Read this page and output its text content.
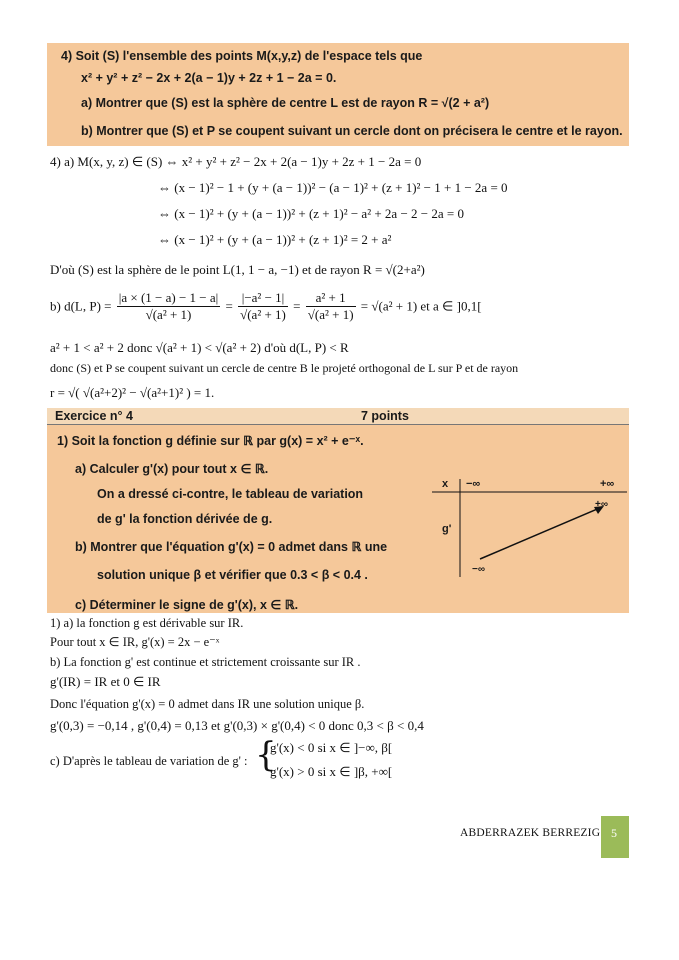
4) Soit (S) l'ensemble des points M(x,y,z) de l'espace tels que
x² + y² + z² − 2x + 2(a − 1)y + 2z + 1 − 2a = 0.
a) Montrer que (S) est la sphère de centre L est de rayon R = √(2 + a²)
b) Montrer que (S) et P se coupent suivant un cercle dont on précisera le centre et le rayon.
4) a) M(x, y, z) ∈ (S) ⇔ x² + y² + z² − 2x + 2(a − 1)y + 2z + 1 − 2a = 0
⇔ (x − 1)² − 1 + (y + (a − 1))² − (a − 1)² + (z + 1)² − 1 + 1 − 2a = 0
⇔ (x − 1)² + (y + (a − 1))² + (z + 1)² − a² + 2a − 2 − 2a = 0
⇔ (x − 1)² + (y + (a − 1))² + (z + 1)² = 2 + a²
D'où (S) est la sphère de le point L(1, 1 − a, −1) et de rayon R = √(2+a²)
b) d(L, $P) = \frac{|a \times (1 - a) - 1 - a|}{\text{√(a² + 1)}} = \frac{\text{|−a² − 1|}}{\text{√(a² + 1)}} = \frac{\text{a² + 1}}{\text{√(a² + 1)}} = √(a^2 + 1)$ et a ∈ ]0,1[
a² + 1 < a² + 2 donc √(a² + 1) < √(a² + 2) d'où d(L, P) < R
donc (S) et P se coupent suivant un cercle de centre B le projeté orthogonal de L sur P et de rayon
r = √( √(a²+2)² − √(a²+1)² ) = 1.
Exercice n° 4	7 points
1) Soit la fonction g définie sur ℝ par g(x) = x² + e⁻ˣ.
a) Calculer g'(x) pour tout x ∈ ℝ.
On a dressé ci-contre, le tableau de variation
de g' la fonction dérivée de g.
b) Montrer que l'équation g'(x) = 0 admet dans ℝ une
solution unique β et vérifier que 0.3 < β < 0.4 .
c) Déterminer le signe de g'(x), x ∈ ℝ.
x −∞	+∞
g'
+∞
−∞
1) a) la fonction g est dérivable sur IR.
Pour tout x ∈ IR, g'(x) = 2x − e⁻ˣ
b) La fonction g' est continue et strictement croissante sur IR .
g'(IR) = IR et 0 ∈ IR
Donc l'équation g'(x) = 0 admet dans IR une solution unique β.
g'(0,3) = −0,14 , g'(0,4) = 0,13 et g'(0,3) × g'(0,4) < 0 donc 0,3 < β < 0,4
c) D'après le tableau de variation de g' : {
g'(x) < 0 si x ∈ ]−∞, β[
g'(x) > 0 si x ∈ ]β, +∞[
ABDERRAZEK BERREZIG 5
